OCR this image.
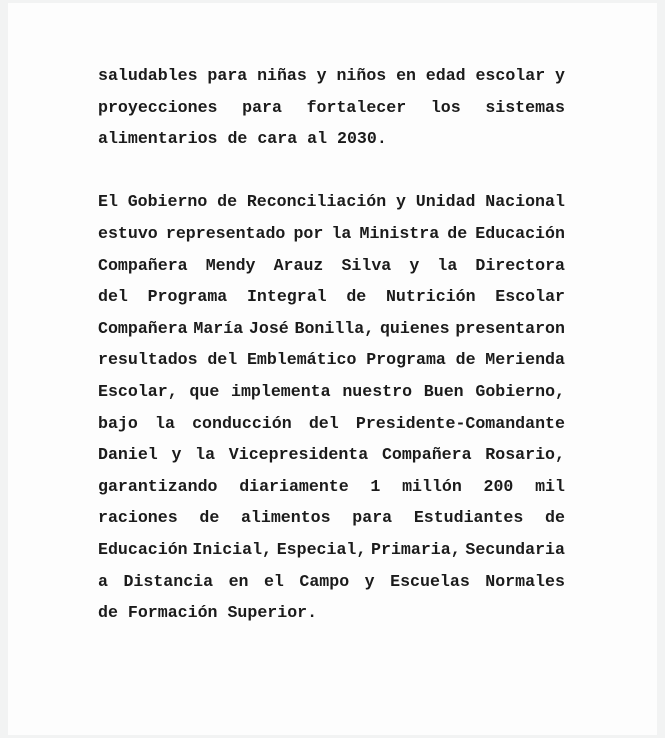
saludables para niñas y niños en edad escolar y
proyecciones para fortalecer los sistemas
alimentarios de cara al 2030.

El Gobierno de Reconciliación y Unidad Nacional
estuvo representado por la Ministra de Educación
Compañera Mendy Arauz Silva y la Directora
del Programa Integral de Nutrición Escolar
Compañera María José Bonilla, quienes presentaron
resultados del Emblemático Programa de Merienda
Escolar, que implementa nuestro Buen Gobierno,
bajo la conducción del Presidente-Comandante
Daniel y la Vicepresidenta Compañera Rosario,
garantizando diariamente 1 millón 200 mil
raciones de alimentos para Estudiantes de
Educación Inicial, Especial, Primaria, Secundaria
a Distancia en el Campo y Escuelas Normales
de Formación Superior.
